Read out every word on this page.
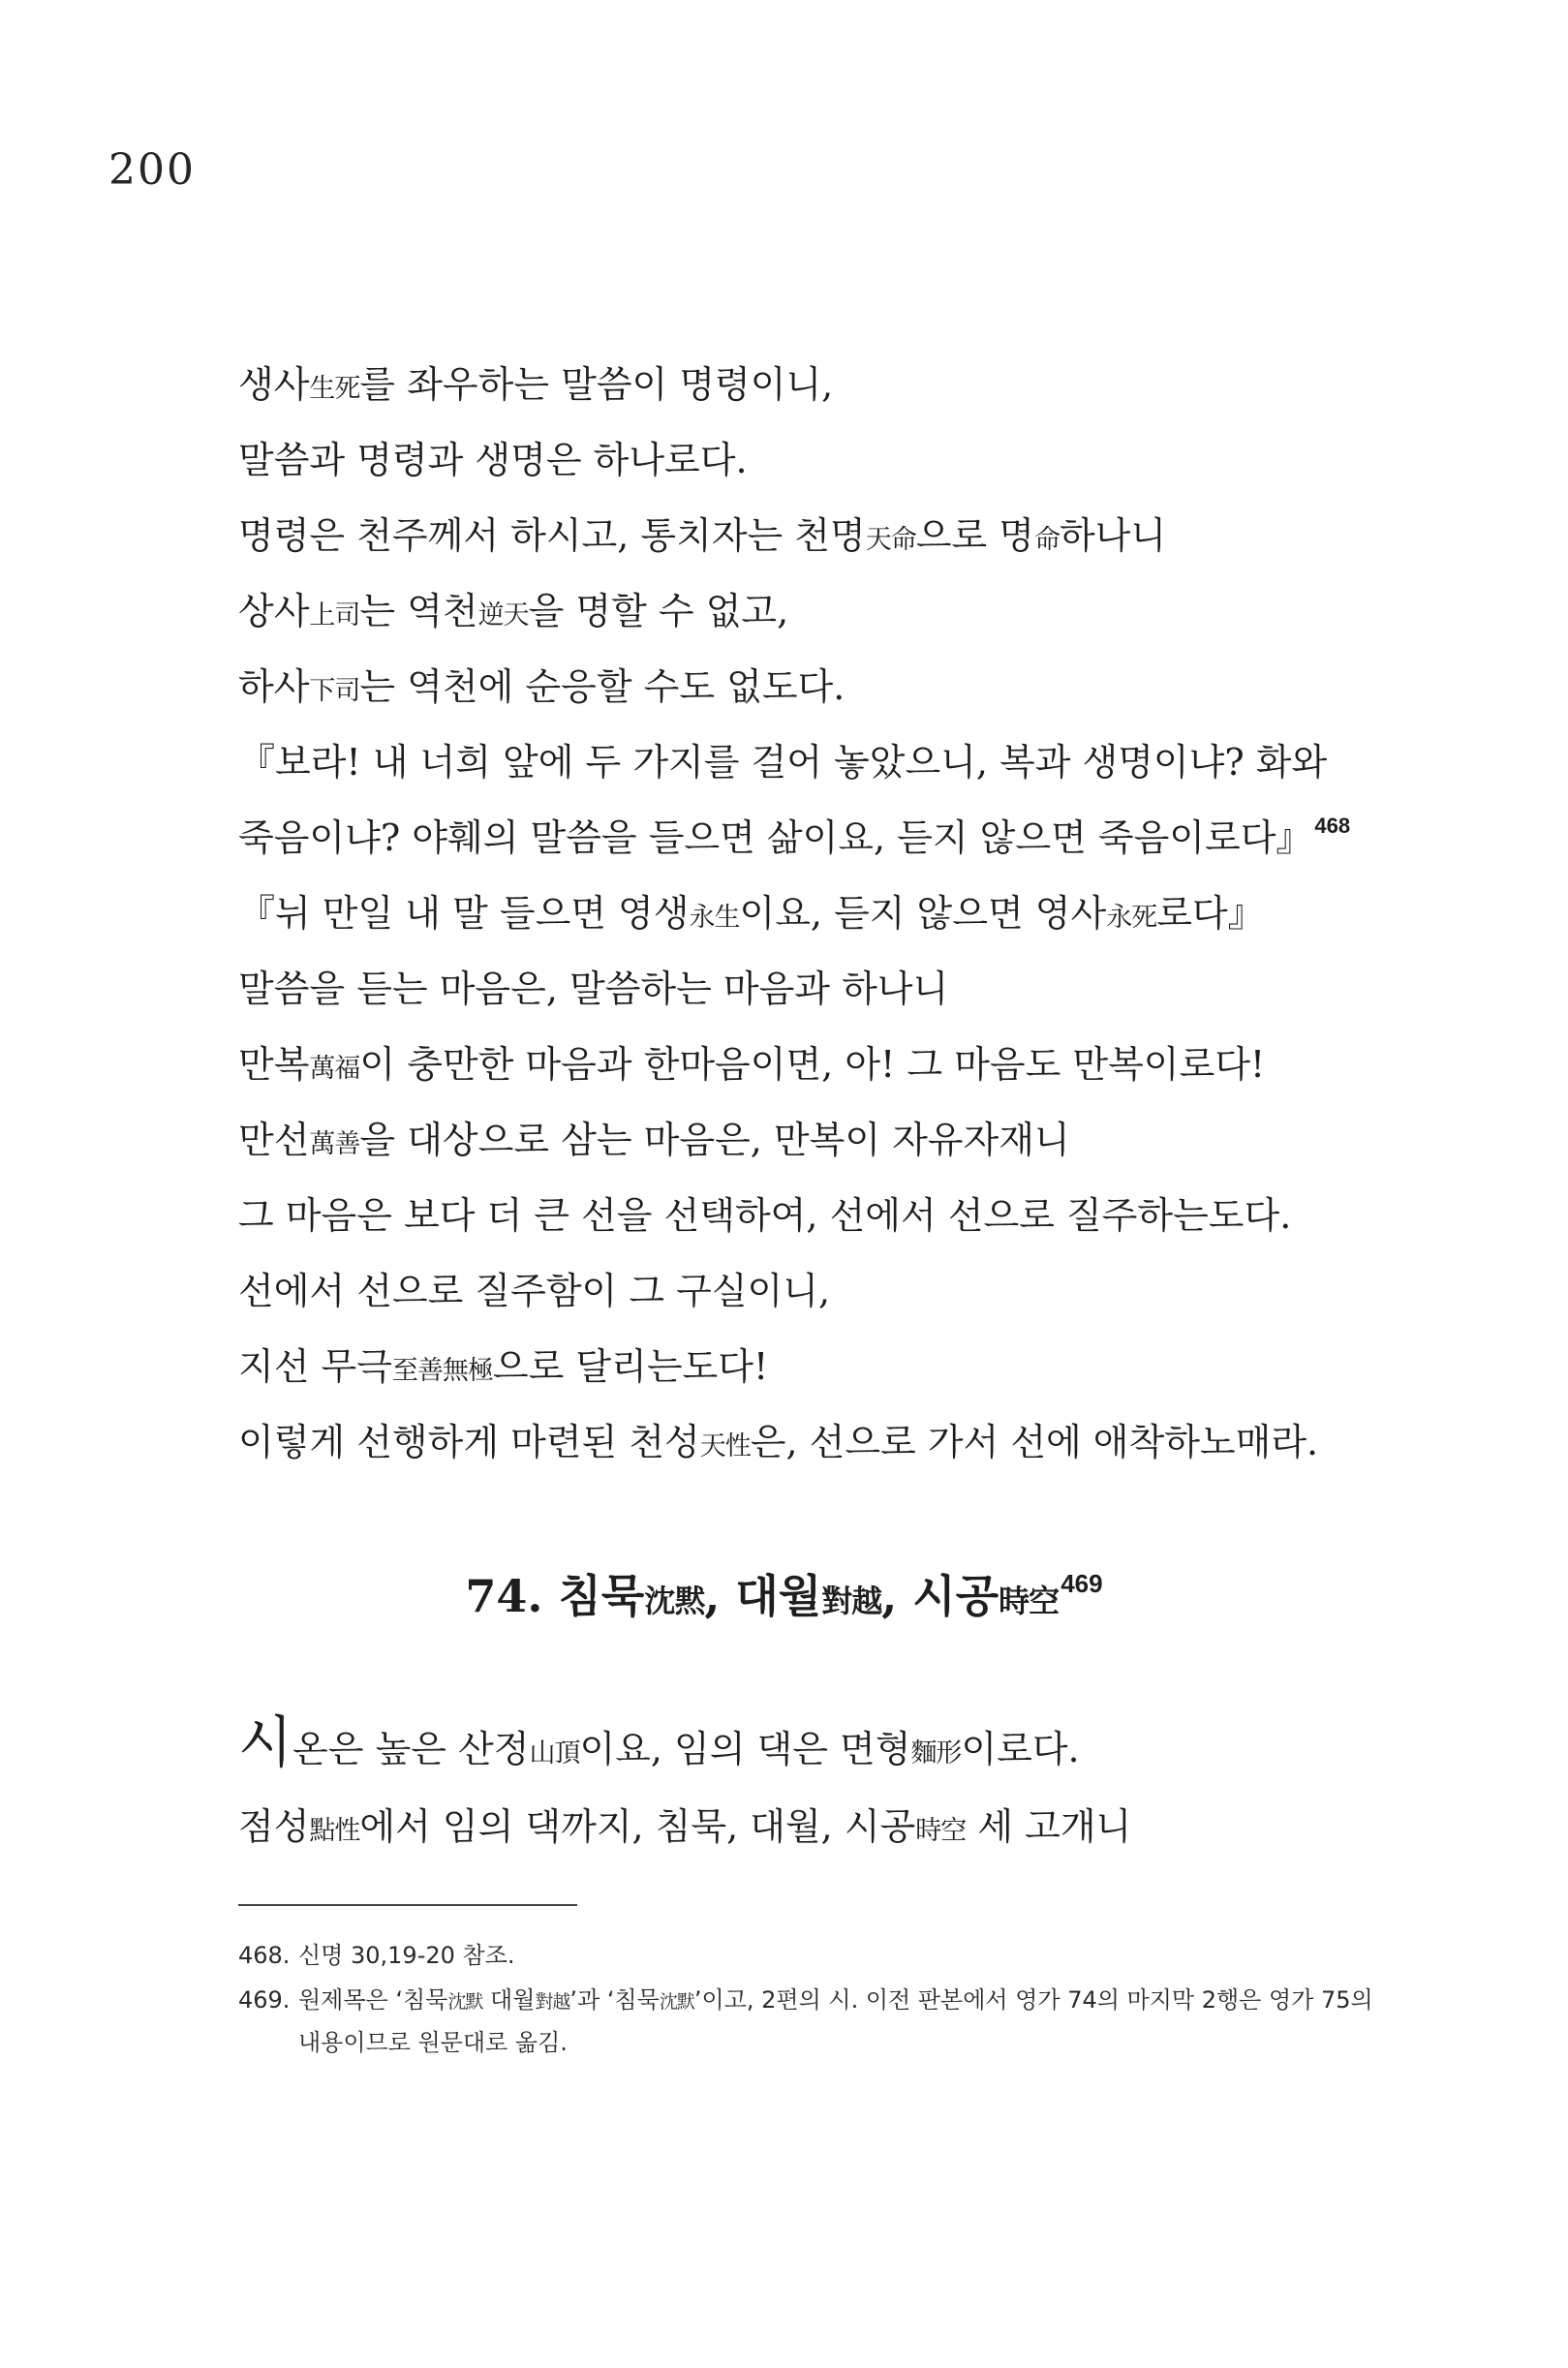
200
생사生死를 좌우하는 말씀이 명령이니,
말씀과 명령과 생명은 하나로다.
명령은 천주께서 하시고, 통치자는 천명天命으로 명命하나니
상사上司는 역천逆天을 명할 수 없고,
하사下司는 역천에 순응할 수도 없도다.
『보라! 내 너희 앞에 두 가지를 걸어 놓았으니, 복과 생명이냐? 화와
죽음이냐? 야훼의 말씀을 들으면 삶이요, 듣지 않으면 죽음이로다』$^{468}$
『뉘 만일 내 말 들으면 영생永生이요, 듣지 않으면 영사永死로다』
말씀을 듣는 마음은, 말씀하는 마음과 하나니
만복萬福이 충만한 마음과 한마음이면, 아! 그 마음도 만복이로다!
만선萬善을 대상으로 삼는 마음은, 만복이 자유자재니
그 마음은 보다 더 큰 선을 선택하여, 선에서 선으로 질주하는도다.
선에서 선으로 질주함이 그 구실이니,
지선 무극至善無極으로 달리는도다!
이렇게 선행하게 마련된 천성天性은, 선으로 가서 선에 애착하노매라.
74. 침묵沈黙, 대월對越, 시공時空$^{469}$
시온은 높은 산정山頂이요, 임의 댁은 면형麵形이로다.
점성點性에서 임의 댁까지, 침묵, 대월, 시공時空 세 고개니
468. 신명 30,19-20 참조.
469. 원제목은 ‘침묵沈默 대월對越’과 ‘침묵沈默’이고, 2편의 시. 이전 판본에서 영가 74의 마지막 2행은 영가 75의 내용이므로 원문대로 옮김.
